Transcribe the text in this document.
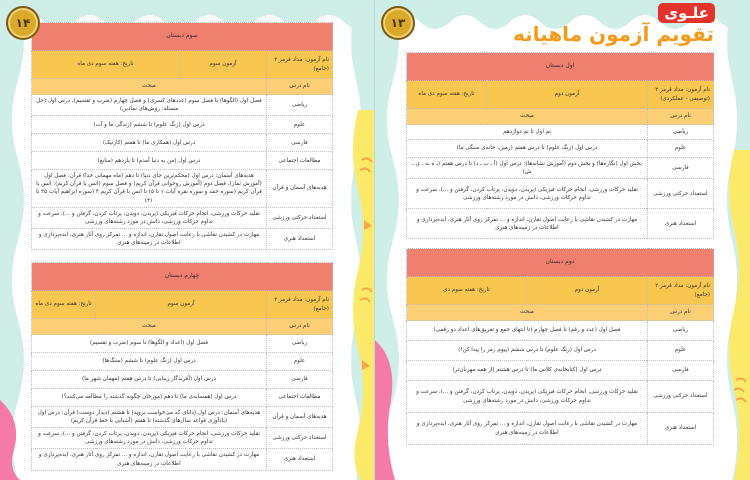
۱۴
سوم دبستان		
نام آزمون: مداد قرمز ۲ (جامع)	آزمون سوم	تاریخ: هفته سوم دی ماه
نام درس	مبحث	
ریاضی	فصل اول (الگوها) تا فصل سوم (عددهای کسری) و فصل چهارم (ضرب و تقسیم)، درس اول (حل مسئله: روش‌های نمادین)	
علوم	درس اول (زنگ علوم) تا ششم (زندگی ما و آب)	
فارسی	درس اول (همکاری ما) تا هفتم (کارنیک)	
مطالعات اجتماعی	درس اول (من به دنیا آمدم) تا یازدهم (منابع)	
هدیه‌های آسمان و قرآن	هدیه‌های آسمان: درس اول (محکم‌ترین جای دنیا) تا دهم (ماه مهمانی خدا) قرآن: فصل اول (آموزش نماز)، فصل دوم (آموزش روخوانی قرآن کریم) و فصل سوم (انس با قرآن کریم): انس با قرآن کریم (سوره حمد و سوره بقره آیات ۱ تا ۵) تا انس با قرآن کریم ۴ (سوره ابراهیم آیات ۳۵ تا ۴۱)	
استعداد حرکتی ورزشی	تقلید حرکات ورزشی، انجام حرکات فیزیکی (پریدن، دویدن، پرتاب کردن، گرفتن و ...)، سرعت و تداوم حرکات ورزشی، دانش در مورد رشته‌های ورزشی	
استعداد هنری	مهارت در کشیدن نقاشی با رعایت اصول تقارن، اندازه و ... تمرکز روی آثار هنری، ایده‌پردازی و اطلاعات در زمینه‌های هنری	
چهارم دبستان		
نام آزمون: مداد قرمز ۲ (جامع)	آزمون سوم	تاریخ: هفته سوم دی ماه
نام درس	مبحث	
ریاضی	فصل اول (اعداد و الگوها) تا سوم (ضرب و تقسیم)	
علوم	درس اول (زنگ علوم) تا ششم (سنگ‌ها)	
فارسی	درس اول (آفریدگار زیبایی) تا درس هفتم (مهمان شهر ما)	
مطالعات اجتماعی	درس اول (همسایه‌ی ما) تا دهم (مورخان چگونه گذشته را مطالعه می‌کنند؟)	
هدیه‌های آسمان و قرآن	هدیه‌های آسمان: درس اول (دانای که می‌خواست بروید) تا هشتم (دیدار دوست) قرآن: درس اول (یادآوری قواعد سال‌های گذشته) تا هفتم (آشنایی با خط قرآن کریم)	
استعداد حرکتی ورزشی	تقلید حرکات ورزشی، انجام حرکات فیزیکی (پریدن، دویدن، پرتاب کردن، گرفتن و ...)، سرعت و تداوم حرکات ورزشی، دانش در مورد رشته‌های ورزشی	
استعداد هنری	مهارت در کشیدن نقاشی با رعایت اصول تقارن، اندازه و ... تمرکز روی آثار هنری، ایده‌پردازی و اطلاعات در زمینه‌های هنری	
۱۳
علـوی
تقویم آزمون ماهیانه
اول دبستان		
نام آزمون: مداد قرمز ۲ (توصیفی - عملکردی)	آزمون دوم	تاریخ: هفته سوم دی ماه
نام درس	مبحث	
ریاضی	تم اول تا تم دوازدهم	
علوم	درس اول (زنگ علوم) تا درس هفتم (زمین، خانه‌ی سنگی ما)	
فارسی	بخش اول (نگاره‌ها) و بخش دوم (آموزش نشانه‌ها): درس اول (آ ـ ب ـ د) تا درس هفتم (ـ ه ـه ـ ی ـ ش)	
استعداد حرکتی ورزشی	تقلید حرکات ورزشی، انجام حرکات فیزیکی (پریدن، دویدن، پرتاب کردن، گرفتن و ...)، سرعت و تداوم حرکات ورزشی، دانش در مورد رشته‌های ورزشی	
استعداد هنری	مهارت در کشیدن نقاشی با رعایت اصول تقارن، اندازه و ... تمرکز روی آثار هنری، ایده‌پردازی و اطلاعات در زمینه‌های هنری	
دوم دبستان		
نام آزمون: مداد قرمز ۲ (جامع)	آزمون دوم	تاریخ: هفته سوم دی
نام درس	مبحث	
ریاضی	فصل اول (عدد و رقم) تا فصل چهارم (تا انتهای جمع و تفریق‌های اعداد دو رقمی)	
علوم	درس اول (زنگ علوم) تا درس ششم (پیوم رمز را پیدا کن!)	
فارسی	درس اول (کتابخانه‌ی کلاس ما) تا درس هشتم (از همه مهربان‌تر)	
استعداد حرکتی ورزشی	تقلید حرکات ورزشی، انجام حرکات فیزیکی (پریدن، دویدن، پرتاب کردن، گرفتن و ...)، سرعت و تداوم حرکات ورزشی، دانش در مورد رشته‌های ورزشی	
استعداد هنری	مهارت در کشیدن نقاشی با رعایت اصول تقارن، اندازه و ... تمرکز روی آثار هنری، ایده‌پردازی و اطلاعات در زمینه‌های هنری	
